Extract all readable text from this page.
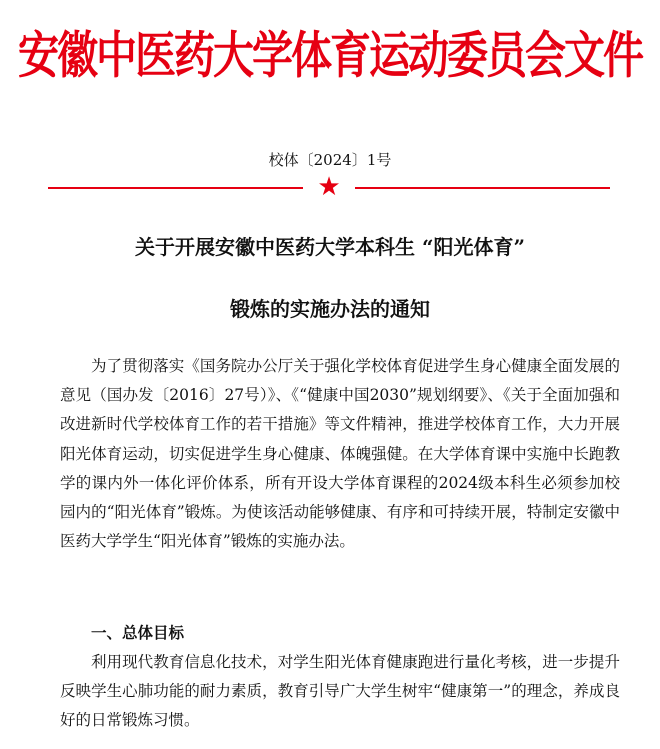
安徽中医药大学体育运动委员会文件
校体〔2024〕1号
★
关于开展安徽中医药大学本科生 “阳光体育”
锻炼的实施办法的通知

为了贯彻落实《国务院办公厅关于强化学校体育促进学生身心健康全面发展的意见（国办发〔2016〕27号）》、《“健康中国2030”规划纲要》、《关于全面加强和改进新时代学校体育工作的若干措施》等文件精神，推进学校体育工作，大力开展阳光体育运动，切实促进学生身心健康、体魄强健。在大学体育课中实施中长跑教学的课内外一体化评价体系，所有开设大学体育课程的2024级本科生必须参加校园内的“阳光体育”锻炼。为使该活动能够健康、有序和可持续开展，特制定安徽中医药大学学生“阳光体育”锻炼的实施办法。

一、总体目标

利用现代教育信息化技术，对学生阳光体育健康跑进行量化考核，进一步提升反映学生心肺功能的耐力素质，教育引导广大学生树牢“健康第一”的理念，养成良好的日常锻炼习惯。
